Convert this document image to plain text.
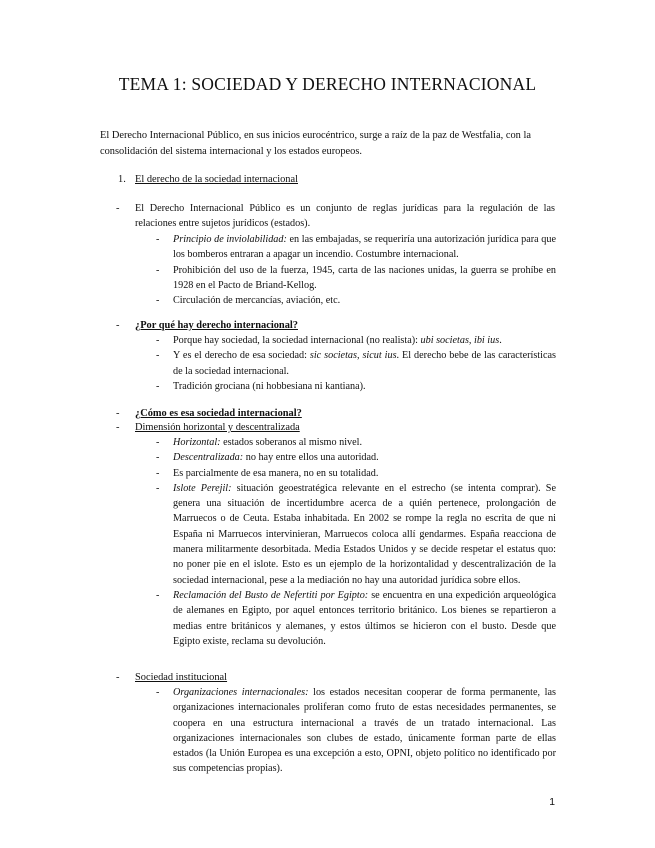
TEMA 1: SOCIEDAD Y DERECHO INTERNACIONAL

El Derecho Internacional Público, en sus inicios eurocéntrico, surge a raíz de la paz de Westfalia, con la consolidación del sistema internacional y los estados europeos.

1. El derecho de la sociedad internacional
- El Derecho Internacional Público es un conjunto de reglas jurídicas para la regulación de las relaciones entre sujetos jurídicos (estados).

- Principio de inviolabilidad: en las embajadas, se requeriría una autorización jurídica para que los bomberos entraran a apagar un incendio. Costumbre internacional.
- Prohibición del uso de la fuerza, 1945, carta de las naciones unidas, la guerra se prohíbe en 1928 en el Pacto de Briand-Kellog.
- Circulación de mercancías, aviación, etc.
- ¿Por qué hay derecho internacional?
- Porque hay sociedad, la sociedad internacional (no realista): ubi societas, ibi ius.
- Y es el derecho de esa sociedad: sic societas, sicut ius. El derecho bebe de las características de la sociedad internacional.
- Tradición grociana (ni hobbesiana ni kantiana).
- ¿Cómo es esa sociedad internacional?
- Dimensión horizontal y descentralizada
- Horizontal: estados soberanos al mismo nivel.
- Descentralizada: no hay entre ellos una autoridad.
- Es parcialmente de esa manera, no en su totalidad.
- Islote Perejil: situación geoestratégica relevante en el estrecho (se intenta comprar). Se genera una situación de incertidumbre acerca de a quién pertenece, prolongación de Marruecos o de Ceuta. Estaba inhabitada. En 2002 se rompe la regla no escrita de que ni España ni Marruecos intervinieran, Marruecos coloca allí gendarmes. España reacciona de manera militarmente desorbitada. Media Estados Unidos y se decide respetar el estatus quo: no poner pie en el islote. Esto es un ejemplo de la horizontalidad y descentralización de la sociedad internacional, pese a la mediación no hay una autoridad jurídica sobre ellos.
- Reclamación del Busto de Nefertiti por Egipto: se encuentra en una expedición arqueológica de alemanes en Egipto, por aquel entonces territorio británico. Los bienes se repartieron a medias entre británicos y alemanes, y estos últimos se hicieron con el busto. Desde que Egipto existe, reclama su devolución.
- Sociedad institucional
- Organizaciones internacionales: los estados necesitan cooperar de forma permanente, las organizaciones internacionales proliferan como fruto de estas necesidades permanentes, se coopera en una estructura internacional a través de un tratado internacional. Las organizaciones internacionales son clubes de estado, únicamente forman parte de ellas estados (la Unión Europea es una excepción a esto, OPNI, objeto político no identificado por sus competencias propias).
1
